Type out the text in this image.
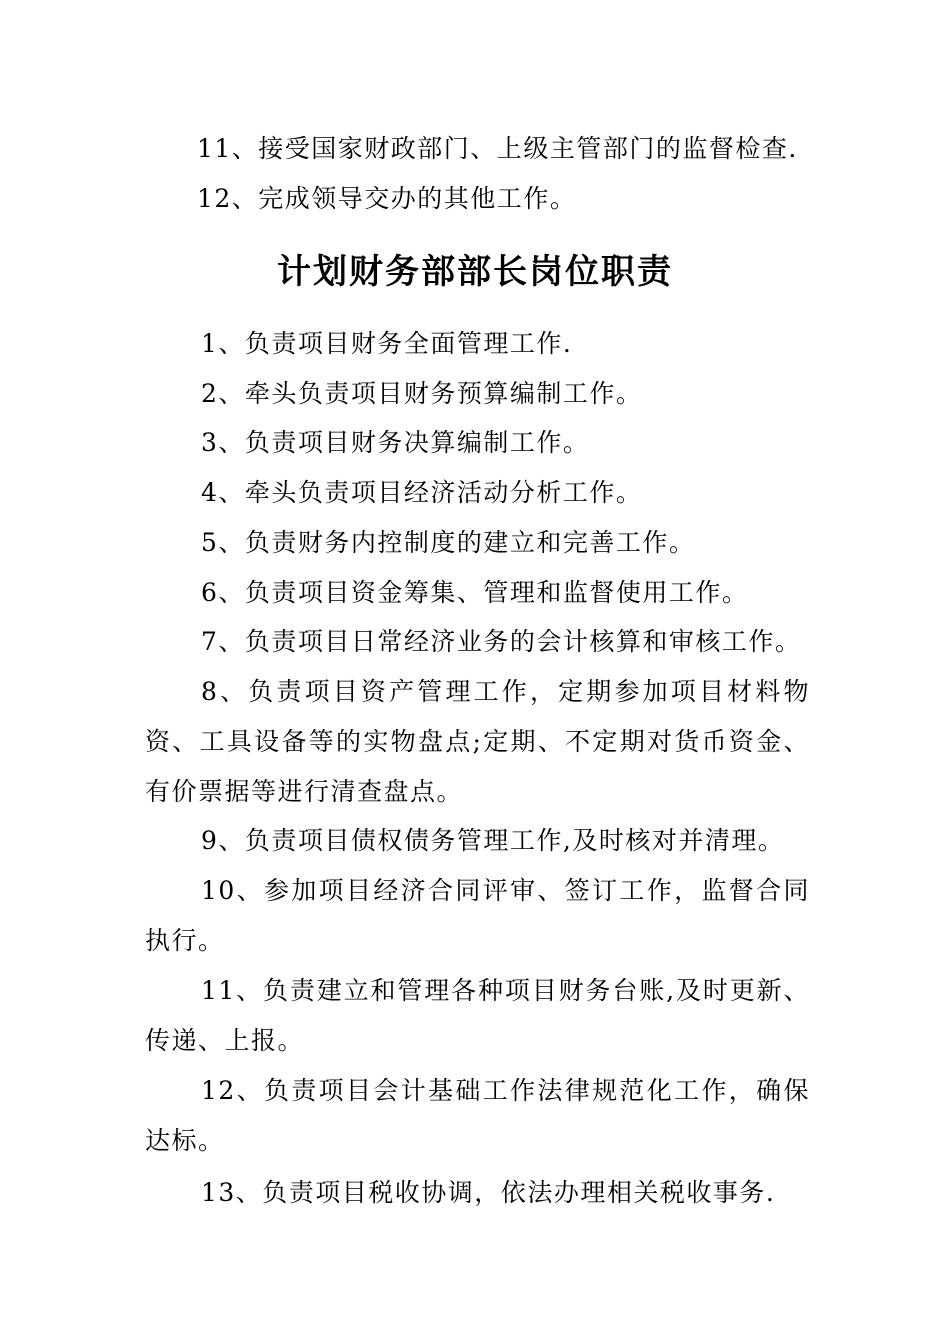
11、接受国家财政部门、上级主管部门的监督检查.
12、完成领导交办的其他工作。
计划财务部部长岗位职责
1、负责项目财务全面管理工作.
2、牵头负责项目财务预算编制工作。
3、负责项目财务决算编制工作。
4、牵头负责项目经济活动分析工作。
5、负责财务内控制度的建立和完善工作。
6、负责项目资金筹集、管理和监督使用工作。
7、负责项目日常经济业务的会计核算和审核工作。
8、负责项目资产管理工作，定期参加项目材料物资、工具设备等的实物盘点;定期、不定期对货币资金、有价票据等进行清查盘点。
9、负责项目债权债务管理工作,及时核对并清理。
10、参加项目经济合同评审、签订工作，监督合同执行。
11、负责建立和管理各种项目财务台账,及时更新、传递、上报。
12、负责项目会计基础工作法律规范化工作，确保达标。
13、负责项目税收协调，依法办理相关税收事务.
